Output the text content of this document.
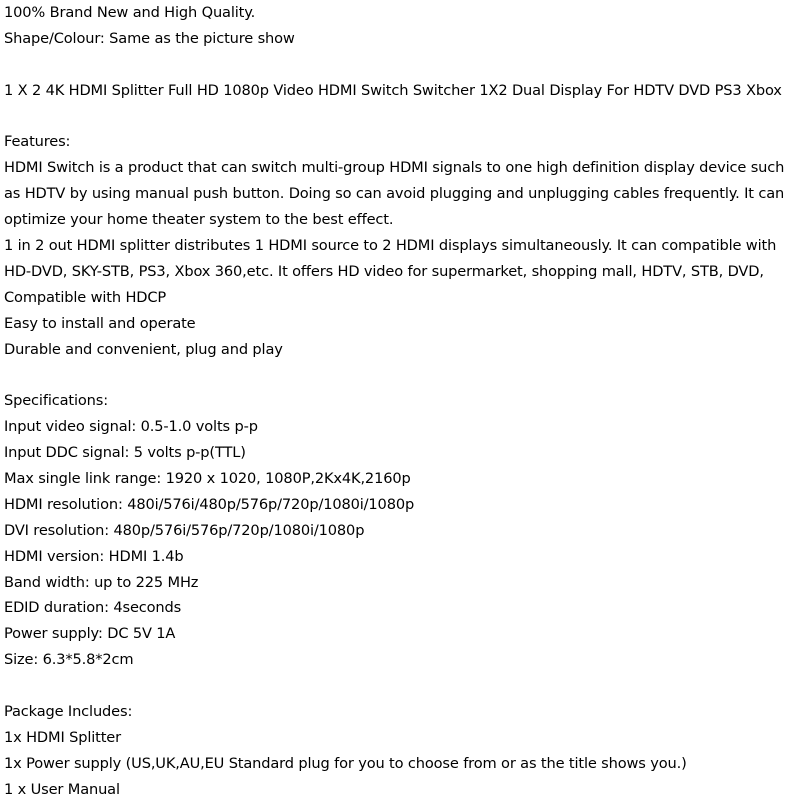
100% Brand New and High Quality.
Shape/Colour: Same as the picture show
1 X 2 4K HDMI Splitter Full HD 1080p Video HDMI Switch Switcher 1X2 Dual Display For HDTV DVD PS3 Xbox
Features:
HDMI Switch is a product that can switch multi-group HDMI signals to one high definition display device such
as HDTV by using manual push button. Doing so can avoid plugging and unplugging cables frequently. It can
optimize your home theater system to the best effect.
1 in 2 out HDMI splitter distributes 1 HDMI source to 2 HDMI displays simultaneously. It can compatible with
HD-DVD, SKY-STB, PS3, Xbox 360,etc. It offers HD video for supermarket, shopping mall, HDTV, STB, DVD,
Compatible with HDCP
Easy to install and operate
Durable and convenient, plug and play
Specifications:
Input video signal: 0.5-1.0 volts p-p
Input DDC signal: 5 volts p-p(TTL)
Max single link range: 1920 x 1020, 1080P,2Kx4K,2160p
HDMI resolution: 480i/576i/480p/576p/720p/1080i/1080p
DVI resolution: 480p/576i/576p/720p/1080i/1080p
HDMI version: HDMI 1.4b
Band width: up to 225 MHz
EDID duration: 4seconds
Power supply: DC 5V 1A
Size: 6.3*5.8*2cm
Package Includes:
1x HDMI Splitter
1x Power supply (US,UK,AU,EU Standard plug for you to choose from or as the title shows you.)
1 x User Manual
